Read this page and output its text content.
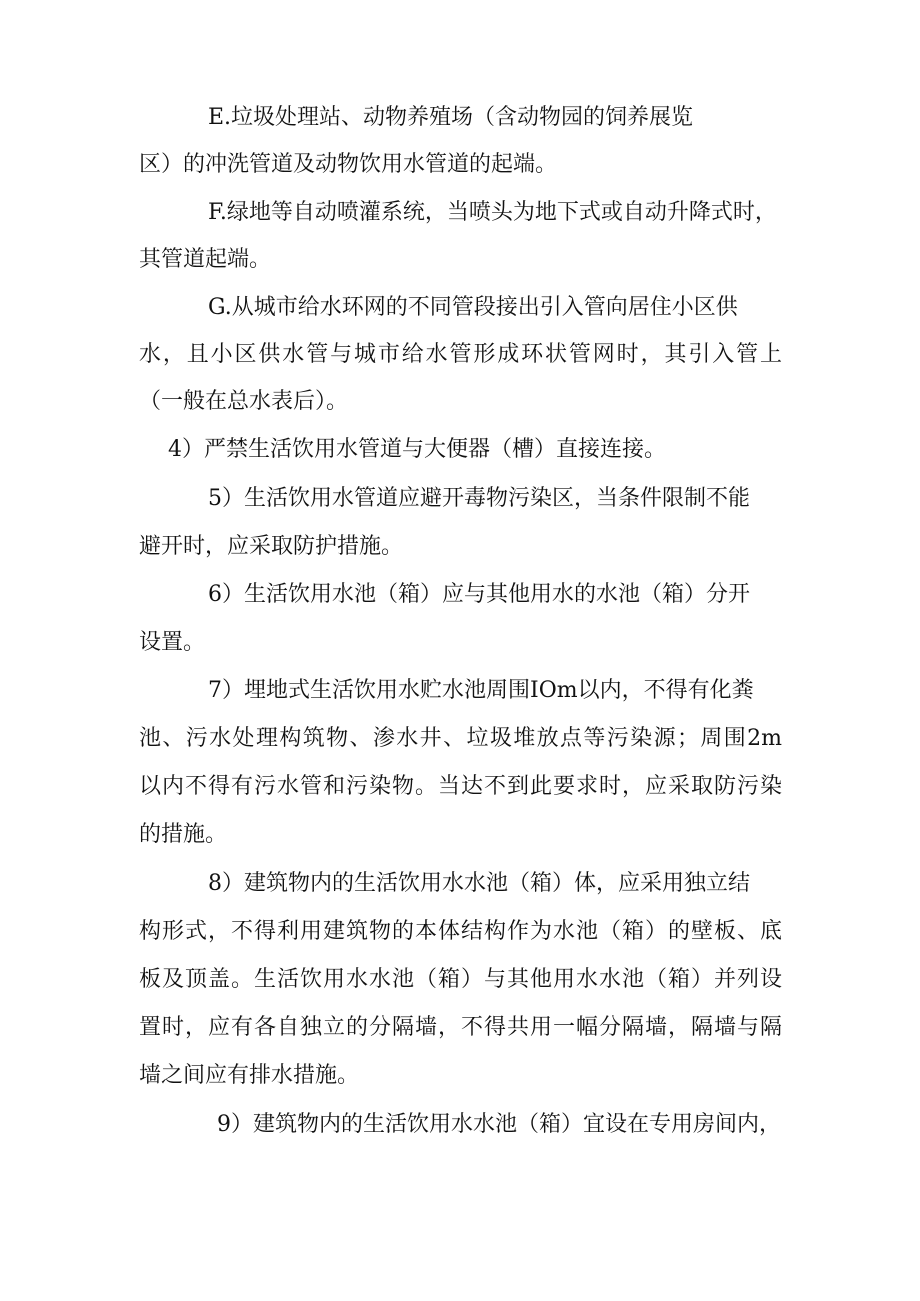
E.垃圾处理站、动物养殖场（含动物园的饲养展览
区）的冲洗管道及动物饮用水管道的起端。
F.绿地等自动喷灌系统，当喷头为地下式或自动升降式时，
其管道起端。
G.从城市给水环网的不同管段接出引入管向居住小区供
水，且小区供水管与城市给水管形成环状管网时，其引入管上
（一般在总水表后）。
4）严禁生活饮用水管道与大便器（槽）直接连接。
5）生活饮用水管道应避开毒物污染区，当条件限制不能
避开时，应采取防护措施。
6）生活饮用水池（箱）应与其他用水的水池（箱）分开
设置。
7）埋地式生活饮用水贮水池周围IOm以内，不得有化粪
池、污水处理构筑物、渗水井、垃圾堆放点等污染源；周围2m
以内不得有污水管和污染物。当达不到此要求时，应采取防污染
的措施。
8）建筑物内的生活饮用水水池（箱）体，应采用独立结
构形式，不得利用建筑物的本体结构作为水池（箱）的壁板、底
板及顶盖。生活饮用水水池（箱）与其他用水水池（箱）并列设
置时，应有各自独立的分隔墙，不得共用一幅分隔墙，隔墙与隔
墙之间应有排水措施。
9）建筑物内的生活饮用水水池（箱）宜设在专用房间内，
